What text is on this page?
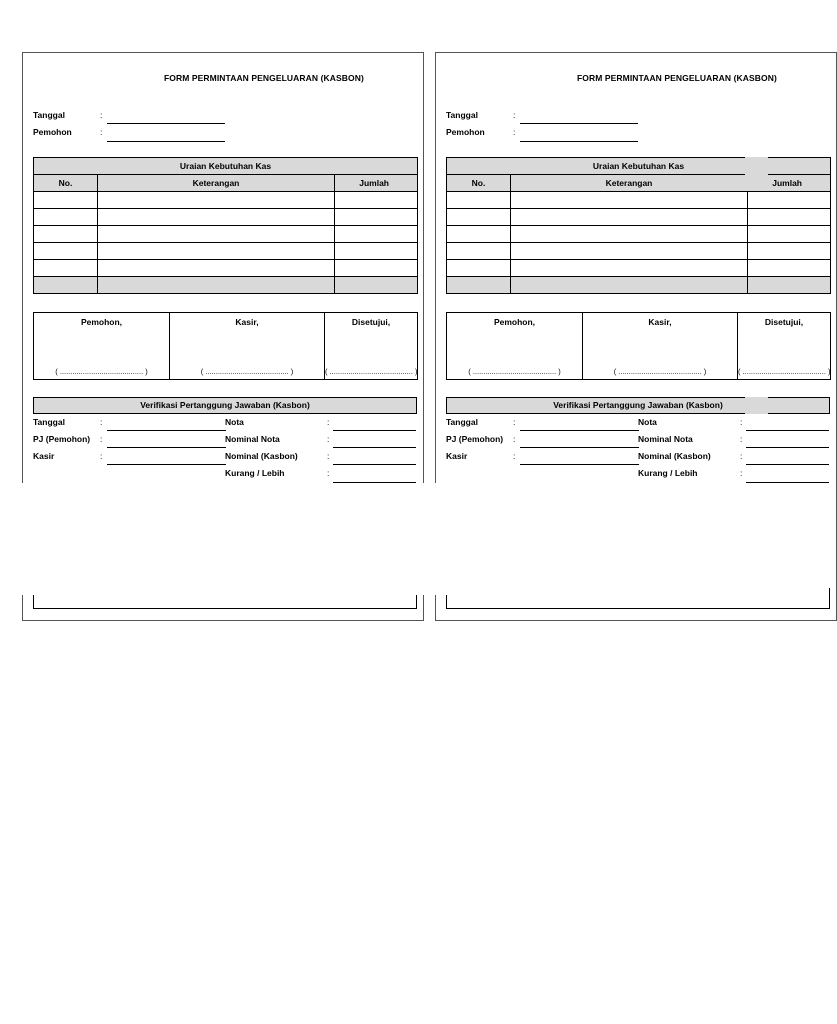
FORM PERMINTAAN PENGELUARAN (KASBON)
Tanggal	:
Pemohon	:
Uraian Kebutuhan Kas		
No.	Keterangan	Jumlah

Pemohon,
( ........................................ )

Kasir,
( ........................................ )

Disetujui,
( ........................................ )
Verifikasi Pertanggung Jawaban (Kasbon)
Tanggal	:
PJ (Pemohon) :
Kasir	:
Nota	:
Nominal Nota	:
Nominal (Kasbon)	:
Kurang / Lebih	:
FORM PERMINTAAN PENGELUARAN (KASBON)
Tanggal	:
Pemohon	:
Uraian Kebutuhan Kas		
No.	Keterangan	Jumlah

Pemohon,
( ........................................ )

Kasir,
( ........................................ )

Disetujui,
( ........................................ )
Verifikasi Pertanggung Jawaban (Kasbon)
Tanggal	:
PJ (Pemohon) :
Kasir	:
Nota	:
Nominal Nota	:
Nominal (Kasbon)	:
Kurang / Lebih	:
